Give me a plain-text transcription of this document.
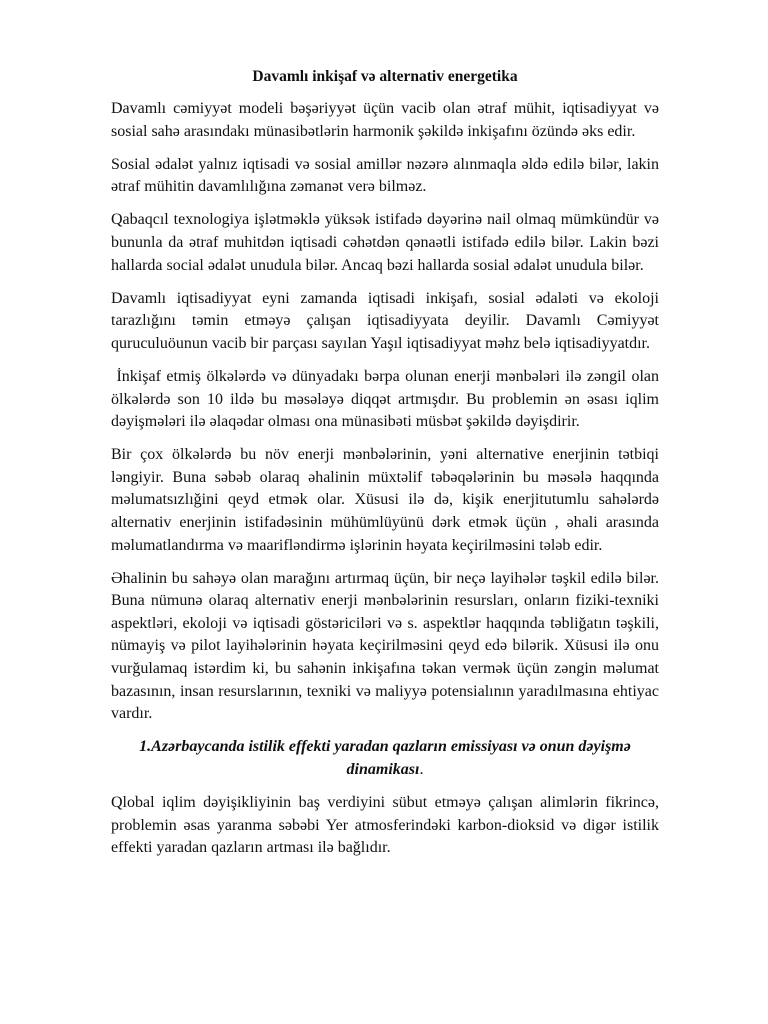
Davamlı inkişaf və alternativ energetika

Davamlı cəmiyyət modeli bəşəriyyət üçün vacib olan ətraf mühit, iqtisadiyyat və sosial sahə arasındakı münasibətlərin harmonik şəkildə inkişafını özündə əks edir.

Sosial ədalət yalnız iqtisadi və sosial amillər nəzərə alınmaqla əldə edilə bilər, lakin ətraf mühitin davamlılığına zəmanət verə bilməz.

Qabaqcıl texnologiya işlətməklə yüksək istifadə dəyərinə nail olmaq mümkündür və bununla da ətraf muhitdən iqtisadi cəhətdən qənaətli istifadə edilə bilər. Lakin bəzi hallarda social ədalət unudula bilər. Ancaq bəzi hallarda sosial ədalət unudula bilər.

Davamlı iqtisadiyyat eyni zamanda iqtisadi inkişafı, sosial ədaləti və ekoloji tarazlığını təmin etməyə çalışan iqtisadiyyata deyilir. Davamlı Cəmiyyət quruculuöunun vacib bir parçası sayılan Yaşıl iqtisadiyyat məhz belə iqtisadiyyatdır.

İnkişaf etmiş ölkələrdə və dünyadakı bərpa olunan enerji mənbələri ilə zəngil olan ölkələrdə son 10 ildə bu məsələyə diqqət artmışdır. Bu problemin ən əsası iqlim dəyişmələri ilə əlaqədar olması ona münasibəti müsbət şəkildə dəyişdirir.

Bir çox ölkələrdə bu növ enerji mənbələrinin, yəni alternative enerjinin tətbiqi ləngiyir. Buna səbəb olaraq əhalinin müxtəlif təbəqələrinin bu məsələ haqqında məlumatsızlığini qeyd etmək olar. Xüsusi ilə də, kişik enerjitutumlu sahələrdə alternativ enerjinin istifadəsinin mühümlüyünü dərk etmək üçün , əhali arasında məlumatlandırma və maarifləndirmə işlərinin həyata keçirilməsini tələb edir.

Əhalinin bu sahəyə olan marağını artırmaq üçün, bir neçə layihələr təşkil edilə bilər. Buna nümunə olaraq alternativ enerji mənbələrinin resursları, onların fiziki-texniki aspektləri, ekoloji və iqtisadi göstəriciləri və s. aspektlər haqqında təbliğatın təşkili, nümayiş və pilot layihələrinin həyata keçirilməsini qeyd edə bilərik. Xüsusi ilə onu vurğulamaq istərdim ki, bu sahənin inkişafına təkan vermək üçün zəngin məlumat bazasının, insan resurslarının, texniki və maliyyə potensialının yaradılmasına ehtiyac vardır.

1.Azərbaycanda istilik effekti yaradan qazların emissiyası və onun dəyişmə dinamikası.

Qlobal iqlim dəyişikliyinin baş verdiyini sübut etməyə çalışan alimlərin fikrincə, problemin əsas yaranma səbəbi Yer atmosferindəki karbon-dioksid və digər istilik effekti yaradan qazların artması ilə bağlıdır.
